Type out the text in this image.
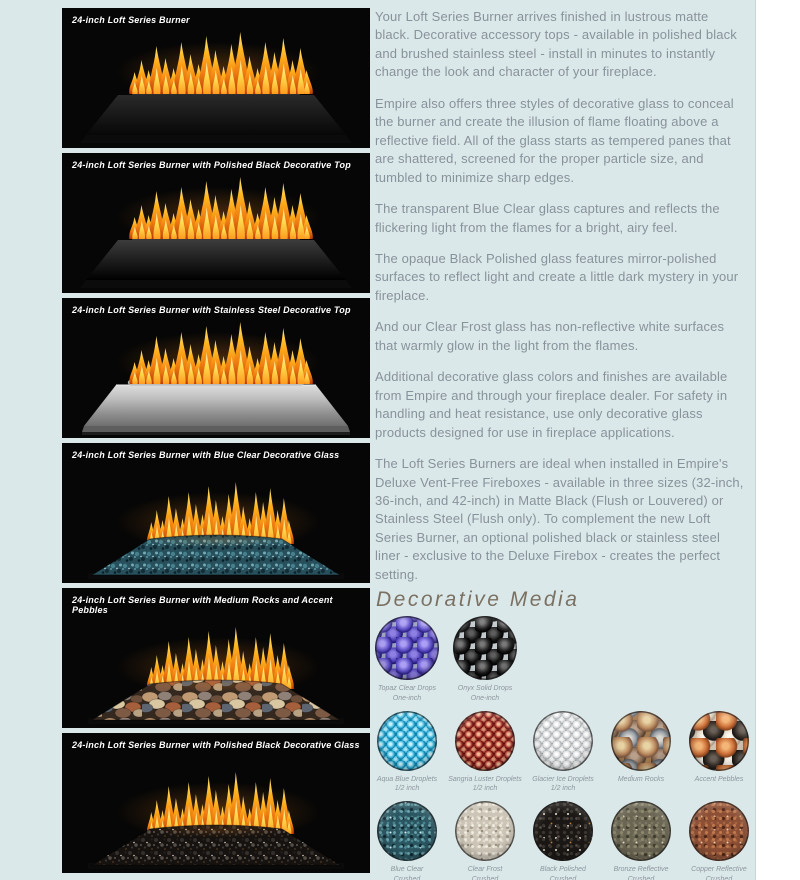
24-inch Loft Series Burner
24-inch Loft Series Burner with Polished Black Decorative Top
24-inch Loft Series Burner with Stainless Steel Decorative Top
24-inch Loft Series Burner with Blue Clear Decorative Glass
24-inch Loft Series Burner with Medium Rocks and Accent Pebbles
24-inch Loft Series Burner with Polished Black Decorative Glass

Your Loft Series Burner arrives finished in lustrous matte black. Decorative accessory tops - available in polished black and brushed stainless steel - install in minutes to instantly change the look and character of your fireplace.

Empire also offers three styles of decorative glass to conceal the burner and create the illusion of flame floating above a reflective field. All of the glass starts as tempered panes that are shattered, screened for the proper particle size, and tumbled to minimize sharp edges.

The transparent Blue Clear glass captures and reflects the flickering light from the flames for a bright, airy feel.

The opaque Black Polished glass features mirror-polished surfaces to reflect light and create a little dark mystery in your fireplace.

And our Clear Frost glass has non-reflective white surfaces that warmly glow in the light from the flames.

Additional decorative glass colors and finishes are available from Empire and through your fireplace dealer. For safety in handling and heat resistance, use only decorative glass products designed for use in fireplace applications.

The Loft Series Burners are ideal when installed in Empire's Deluxe Vent-Free Fireboxes - available in three sizes (32-inch, 36-inch, and 42-inch) in Matte Black (Flush or Louvered) or Stainless Steel (Flush only). To complement the new Loft Series Burner, an optional polished black or stainless steel liner - exclusive to the Deluxe Firebox - creates the perfect setting.

Decorative Media
Topaz Clear Drops
One-inch
Onyx Solid Drops
One-inch
Aqua Blue Droplets
1/2 inch
Sangria Luster Droplets
1/2 inch
Glacier Ice Droplets
1/2 inch
Medium Rocks	Accent Pebbles
Blue Clear
Crushed
Clear Frost
Crushed
Black Polished
Crushed
Bronze Reflective
Crushed
Copper Reflective
Crushed
